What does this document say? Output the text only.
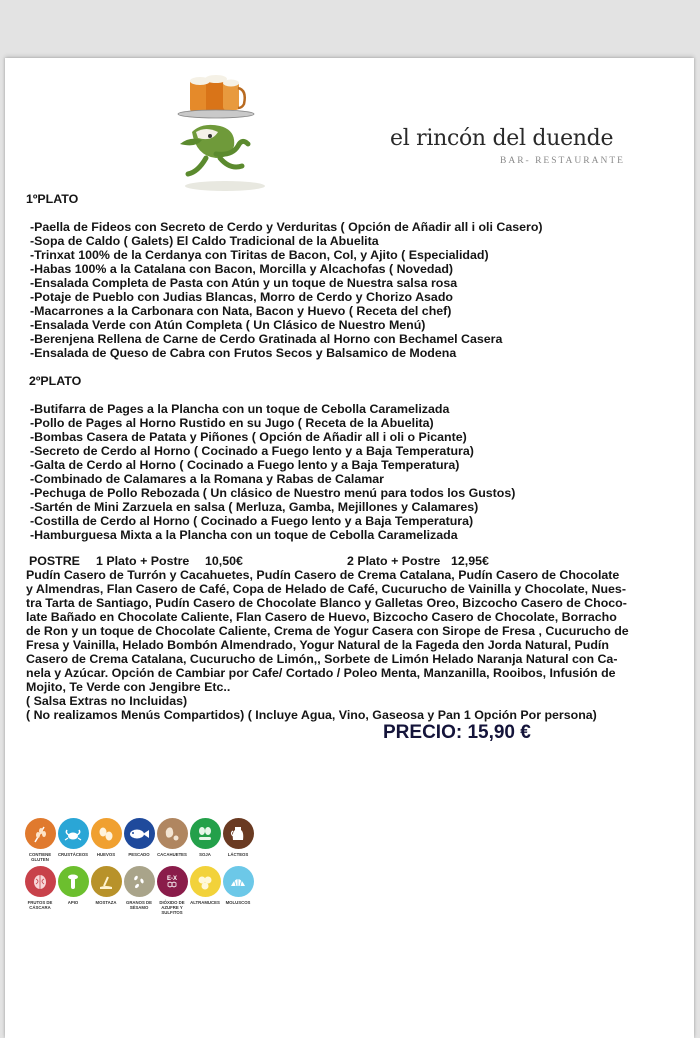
el rincón del duende
BAR- RESTAURANTE
1ºPLATO
-Paella de Fideos con Secreto de Cerdo y Verduritas ( Opción de Añadir all i oli Casero)
-Sopa de Caldo ( Galets) El Caldo Tradicional de la Abuelita
-Trinxat 100% de la Cerdanya con Tiritas de Bacon, Col, y Ajito ( Especialidad)
-Habas 100% a la Catalana con Bacon, Morcilla y Alcachofas ( Novedad)
-Ensalada Completa de Pasta con Atún y un toque de Nuestra salsa rosa
-Potaje de Pueblo con Judias Blancas, Morro de Cerdo y Chorizo Asado
-Macarrones a la Carbonara con Nata, Bacon y Huevo ( Receta del chef)
-Ensalada Verde con Atún Completa ( Un Clásico de Nuestro Menú)
-Berenjena Rellena de Carne de Cerdo Gratinada al Horno con Bechamel Casera
-Ensalada de Queso de Cabra con Frutos Secos y Balsamico de Modena
2ºPLATO
-Butifarra de Pages a la Plancha con un toque de Cebolla Caramelizada
-Pollo de Pages al Horno Rustido en su Jugo ( Receta de la Abuelita)
-Bombas Casera de Patata y Piñones ( Opción de Añadir all i oli o Picante)
-Secreto de Cerdo al Horno ( Cocinado a Fuego lento y a Baja Temperatura)
-Galta de Cerdo al Horno ( Cocinado a Fuego lento y a Baja Temperatura)
-Combinado de Calamares a la Romana y Rabas de Calamar
-Pechuga de Pollo Rebozada ( Un clásico de Nuestro menú para todos los Gustos)
-Sartén de Mini Zarzuela en salsa ( Merluza, Gamba, Mejillones y Calamares)
-Costilla de Cerdo al Horno ( Cocinado a Fuego lento y a Baja Temperatura)
-Hamburguesa Mixta a la Plancha con un toque de Cebolla Caramelizada
POSTRE 1 Plato + Postre 10,50€	2 Plato + Postre 12,95€
Pudín Casero de Turrón y Cacahuetes, Pudín Casero de Crema Catalana, Pudín Casero de Chocolate
y Almendras, Flan Casero de Café, Copa de Helado de Café, Cucurucho de Vainilla y Chocolate, Nues-
tra Tarta de Santiago, Pudín Casero de Chocolate Blanco y Galletas Oreo, Bizcocho Casero de Choco-
late Bañado en Chocolate Caliente, Flan Casero de Huevo, Bizcocho Casero de Chocolate, Borracho
de Ron y un toque de Chocolate Caliente, Crema de Yogur Casera con Sirope de Fresa , Cucurucho de
Fresa y Vainilla, Helado Bombón Almendrado, Yogur Natural de la Fageda den Jorda Natural, Pudín
Casero de Crema Catalana, Cucurucho de Limón,, Sorbete de Limón Helado Naranja Natural con Ca-
nela y Azúcar. Opción de Cambiar por Cafe/ Cortado / Poleo Menta, Manzanilla, Rooibos, Infusión de
Mojito, Te Verde con Jengibre Etc..
( Salsa Extras no Incluidas)
( No realizamos Menús Compartidos) ( Incluye Agua, Vino, Gaseosa y Pan 1 Opción Por persona)
PRECIO: 15,90 €
CONTIENE GLUTEN
CRUSTÁCEOS	HUEVOS	PESCADO	CACAHUETES	SOJA	LÁCTEOS
FRUTOS DE CÁSCARA
APIO	MOSTAZA	GRANOS DE SÉSAMO
E-X
DIÓXIDO DE AZUFRE Y SULFITOS
ALTRAMUCES	MOLUSCOS
